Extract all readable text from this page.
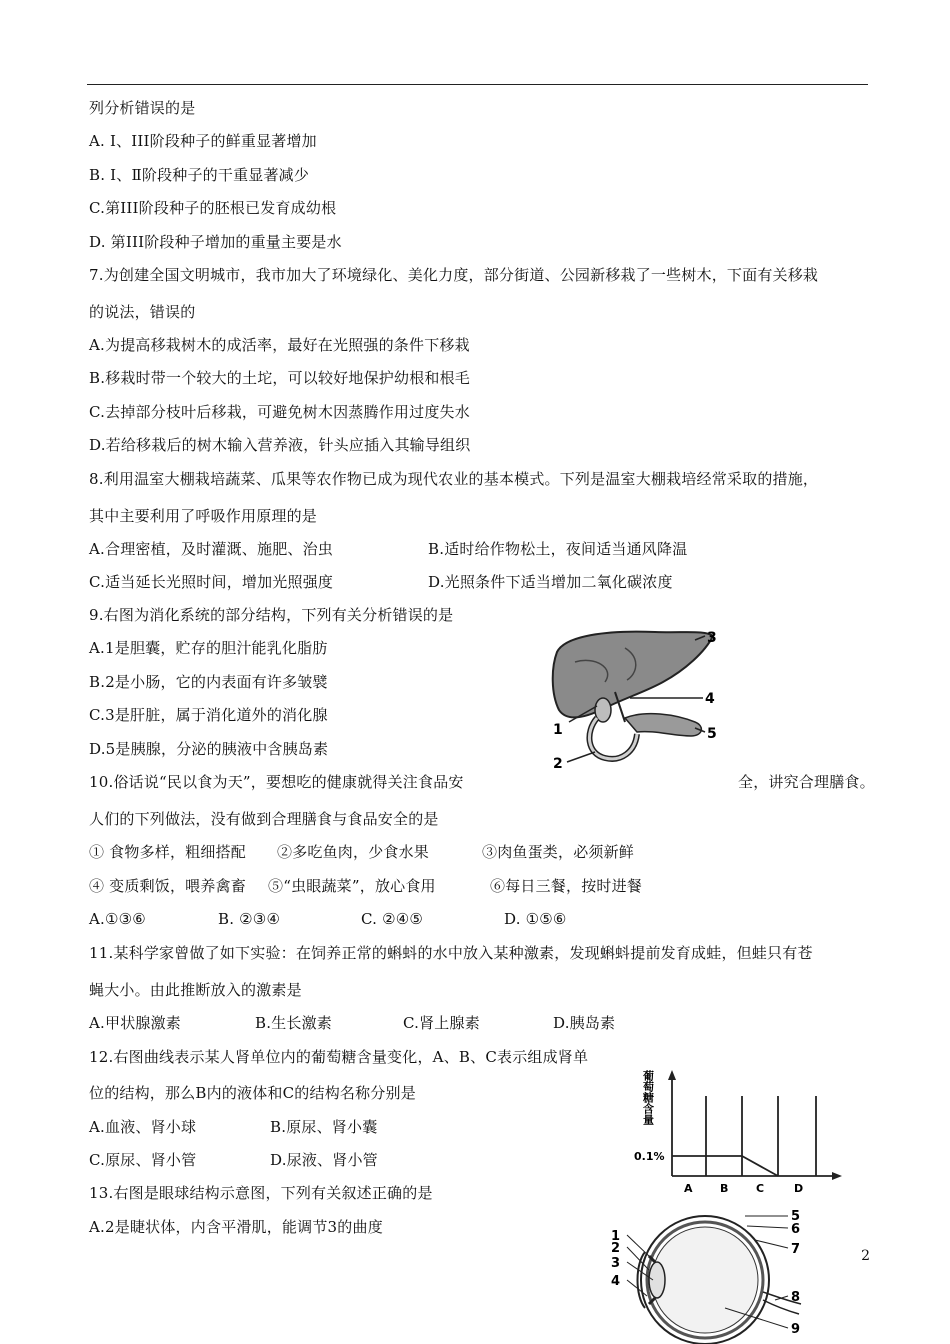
列分析错误的是
A. Ⅰ、III阶段种子的鲜重显著增加
B. Ⅰ、Ⅱ阶段种子的干重显著减少
C.第III阶段种子的胚根已发育成幼根
D. 第III阶段种子增加的重量主要是水
7.为创建全国文明城市，我市加大了环境绿化、美化力度，部分街道、公园新移栽了一些树木，下面有关移栽
的说法，错误的
A.为提高移栽树木的成活率，最好在光照强的条件下移栽
B.移栽时带一个较大的土坨，可以较好地保护幼根和根毛
C.去掉部分枝叶后移栽，可避免树木因蒸腾作用过度失水
D.若给移栽后的树木输入营养液，针头应插入其输导组织
8.利用温室大棚栽培蔬菜、瓜果等农作物已成为现代农业的基本模式。下列是温室大棚栽培经常采取的措施，
其中主要利用了呼吸作用原理的是
A.合理密植，及时灌溉、施肥、治虫	B.适时给作物松土，夜间适当通风降温
C.适当延长光照时间，增加光照强度	D.光照条件下适当增加二氧化碳浓度
9.右图为消化系统的部分结构，下列有关分析错误的是
A.1是胆囊，贮存的胆汁能乳化脂肪
B.2是小肠，它的内表面有许多皱襞
C.3是肝脏，属于消化道外的消化腺
D.5是胰腺，分泌的胰液中含胰岛素
10.俗话说“民以食为天”，要想吃的健康就得关注食品安	全，讲究合理膳食。
人们的下列做法，没有做到合理膳食与食品安全的是
① 食物多样，粗细搭配 ②多吃鱼肉，少食水果	③肉鱼蛋类，必须新鲜
④ 变质剩饭，喂养禽畜 ⑤“虫眼蔬菜”，放心食用	⑥每日三餐，按时进餐
A.①③⑥	B. ②③④	C. ②④⑤	D. ①⑤⑥
11.某科学家曾做了如下实验：在饲养正常的蝌蚪的水中放入某种激素，发现蝌蚪提前发育成蛙，但蛙只有苍
蝇大小。由此推断放入的激素是
A.甲状腺激素	B.生长激素	C.肾上腺素	D.胰岛素
12.右图曲线表示某人肾单位内的葡萄糖含量变化，A、B、C表示组成肾单
位的结构，那么B内的液体和C的结构名称分别是
A.血液、肾小球	B.原尿、肾小囊
C.原尿、肾小管	D.尿液、肾小管
13.右图是眼球结构示意图，下列有关叙述正确的是
A.2是睫状体，内含平滑肌，能调节3的曲度
2
3
4
1	5
2
葡萄糖含量
0.1%
A B	C	D
5
6
7
1
2
3
4
8
9
